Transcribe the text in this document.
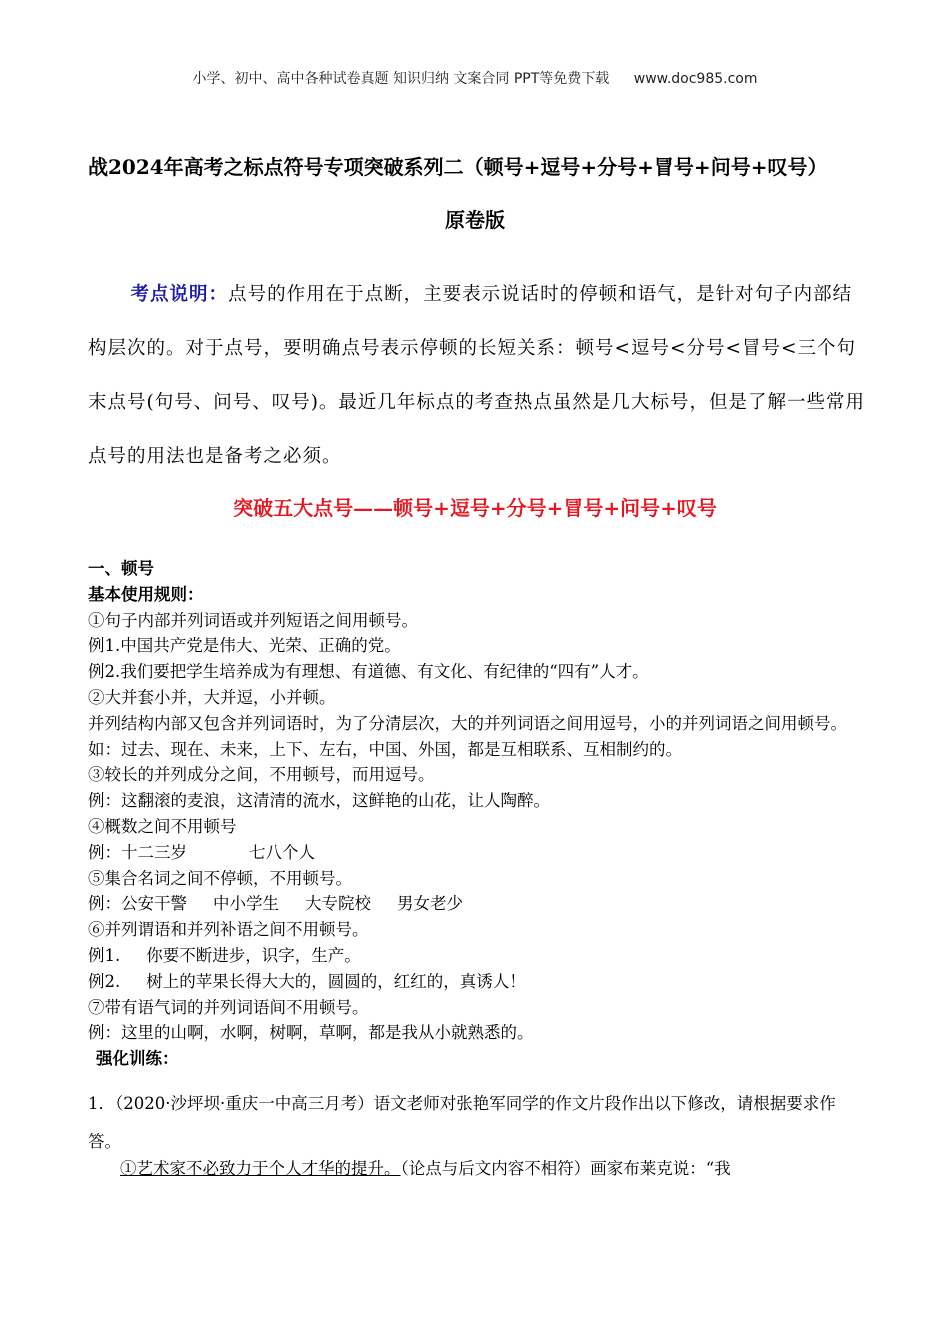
小学、初中、高中各种试卷真题 知识归纳 文案合同 PPT等免费下载 www.doc985.com
战2024年高考之标点符号专项突破系列二（顿号+逗号+分号+冒号+问号+叹号）
原卷版
考点说明：点号的作用在于点断，主要表示说话时的停顿和语气，是针对句子内部结构层次的。对于点号，要明确点号表示停顿的长短关系：顿号<逗号<分号<冒号<三个句末点号(句号、问号、叹号)。最近几年标点的考查热点虽然是几大标号，但是了解一些常用点号的用法也是备考之必须。
突破五大点号——顿号+逗号+分号+冒号+问号+叹号
一、顿号
基本使用规则：
①句子内部并列词语或并列短语之间用顿号。
例1.中国共产党是伟大、光荣、正确的党。
例2.我们要把学生培养成为有理想、有道德、有文化、有纪律的“四有”人才。
②大并套小并，大并逗，小并顿。
并列结构内部又包含并列词语时，为了分清层次，大的并列词语之间用逗号，小的并列词语之间用顿号。
如：过去、现在、未来，上下、左右，中国、外国，都是互相联系、互相制约的。
③较长的并列成分之间，不用顿号，而用逗号。
例：这翻滚的麦浪，这清清的流水，这鲜艳的山花，让人陶醉。
④概数之间不用顿号
例：十二三岁	七八个人
⑤集合名词之间不停顿，不用顿号。
例：公安干警 中小学生 大专院校 男女老少
⑥并列谓语和并列补语之间不用顿号。
例1. 你要不断进步，识字，生产。
例2. 树上的苹果长得大大的，圆圆的，红红的，真诱人！
⑦带有语气词的并列词语间不用顿号。
例：这里的山啊，水啊，树啊，草啊，都是我从小就熟悉的。
强化训练：
1．（2020·沙坪坝·重庆一中高三月考）语文老师对张艳军同学的作文片段作出以下修改，请根据要求作答。
①艺术家不必致力于个人才华的提升。（论点与后文内容不相符）画家布莱克说：“我
